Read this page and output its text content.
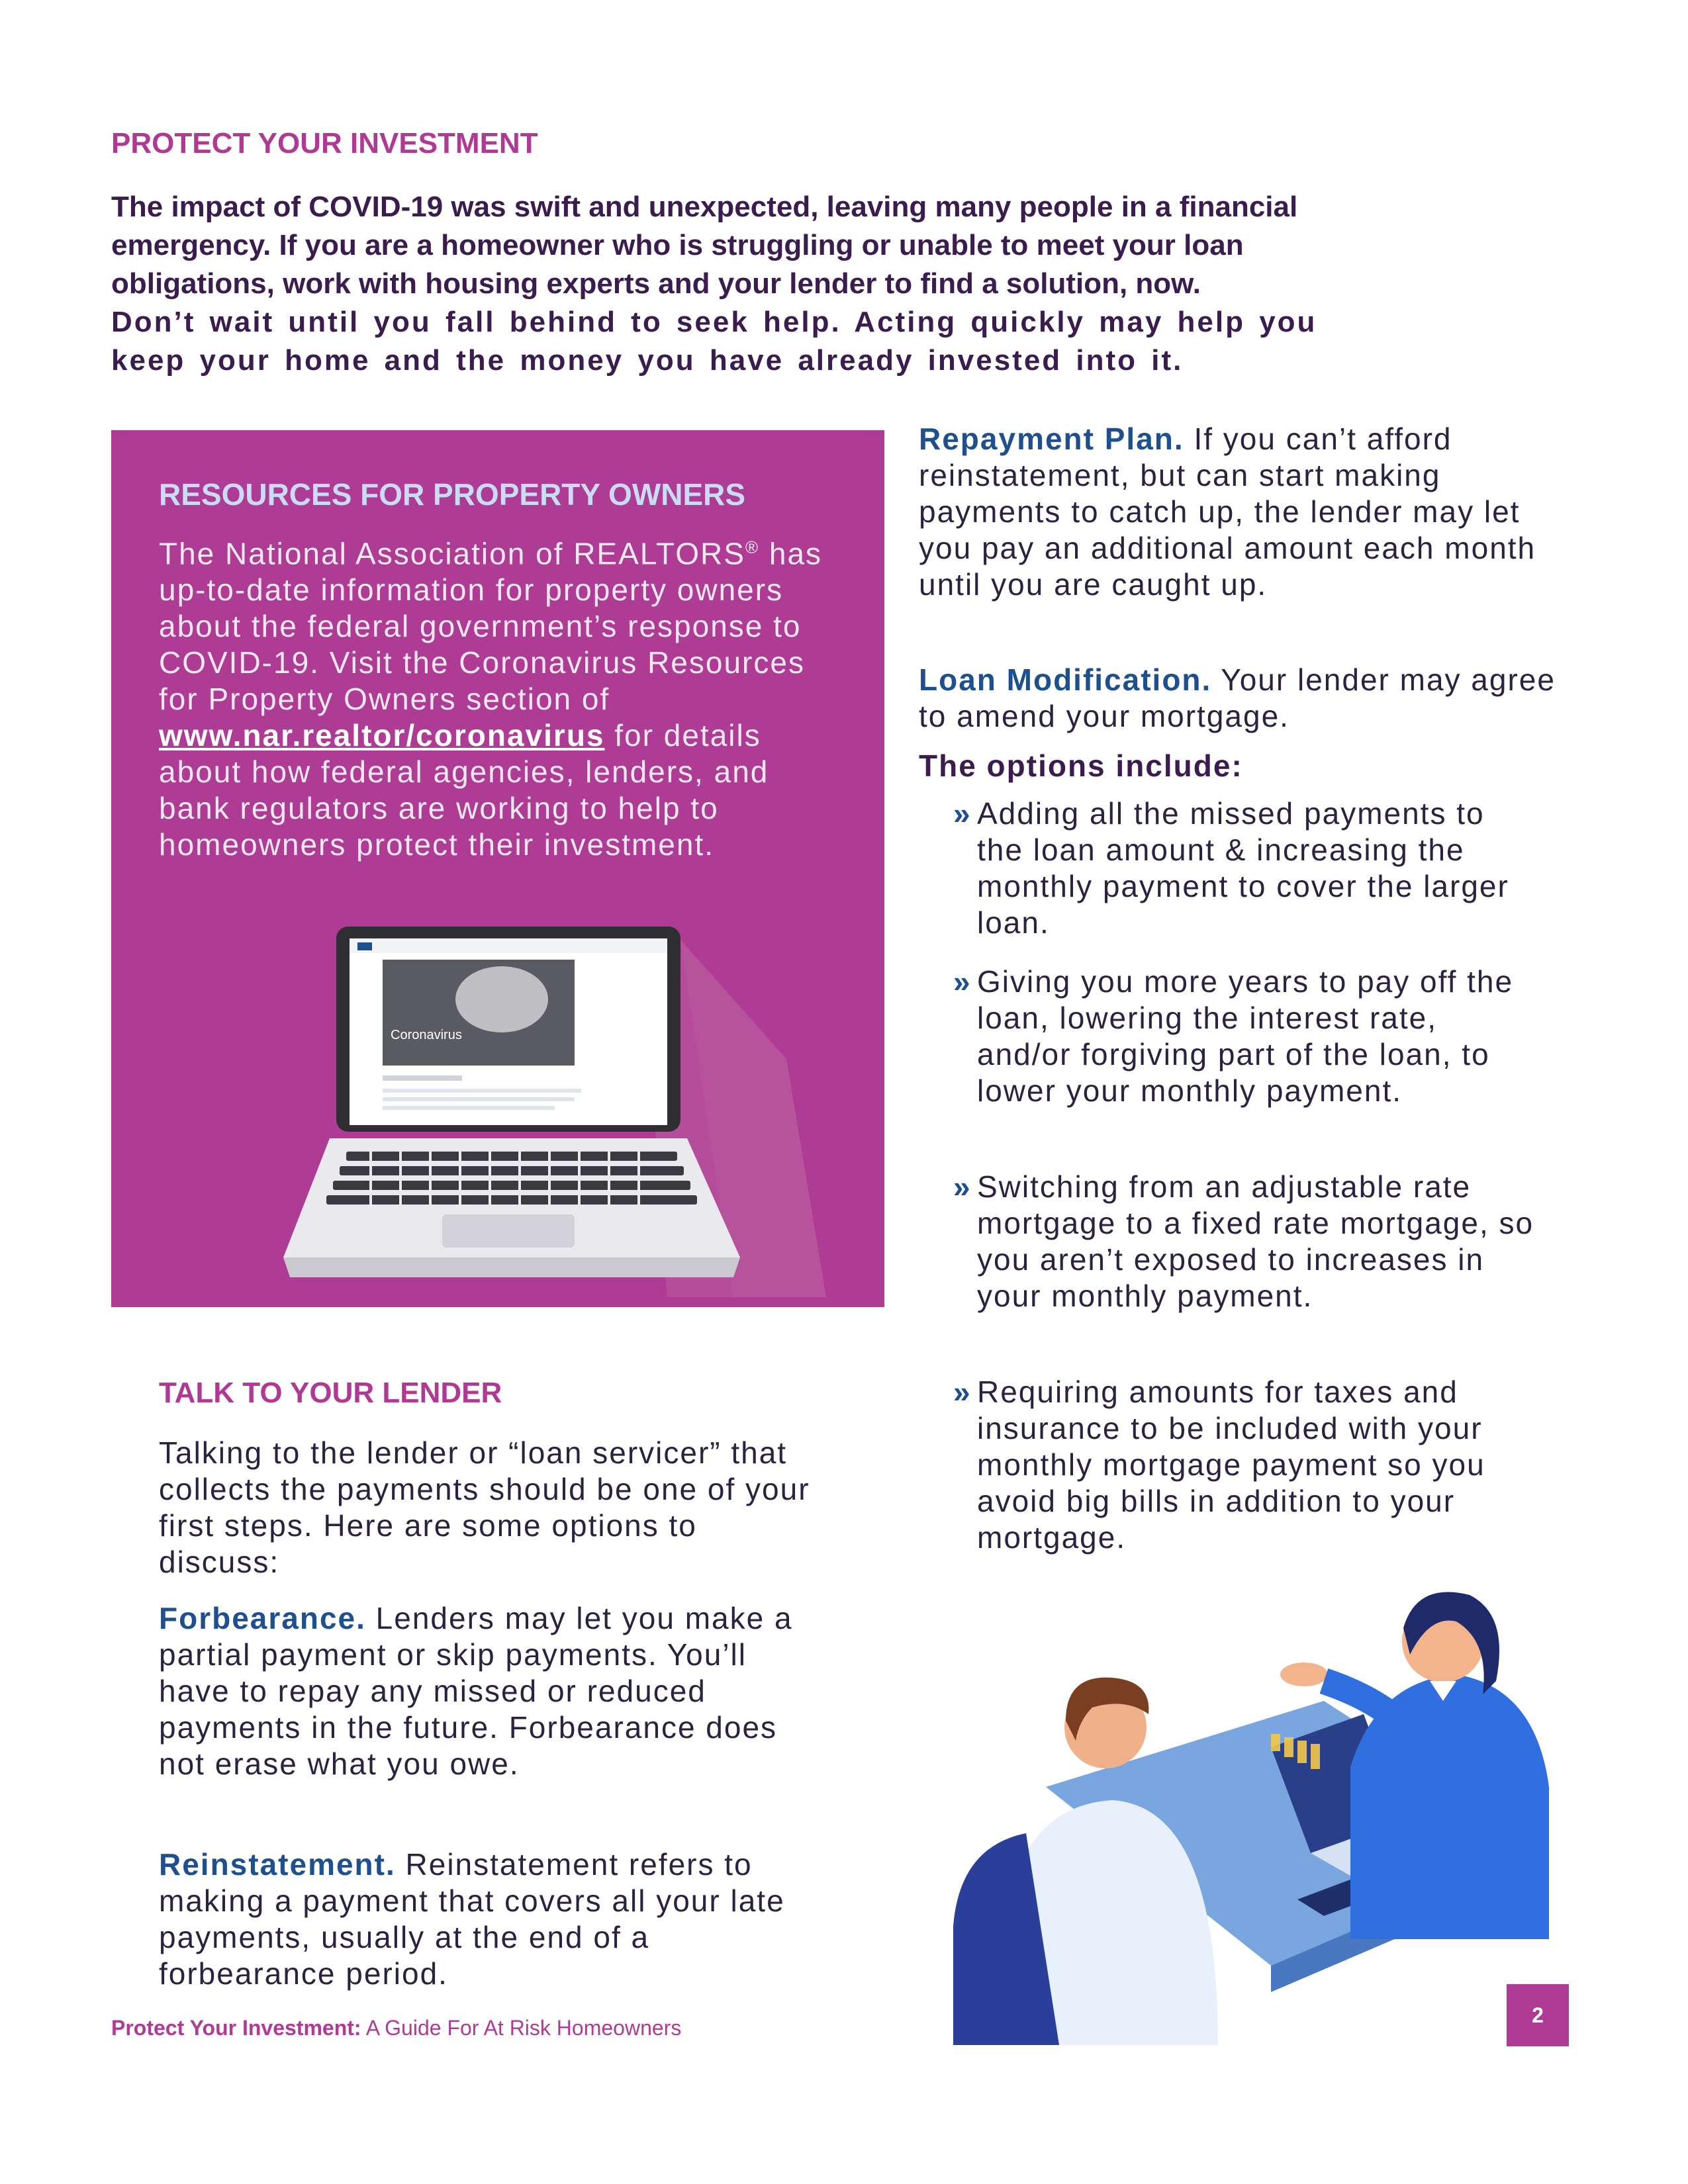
PROTECT YOUR INVESTMENT
The impact of COVID-19 was swift and unexpected, leaving many people in a financial
emergency. If you are a homeowner who is struggling or unable to meet your loan
obligations, work with housing experts and your lender to find a solution, now.
Don’t wait until you fall behind to seek help. Acting quickly may help you
keep your home and the money you have already invested into it.
RESOURCES FOR PROPERTY OWNERS
The National Association of REALTORS® has up-to-date information for property owners about the federal government’s response to COVID-19. Visit the Coronavirus Resources for Property Owners section of www.nar.realtor/coronavirus for details about how federal agencies, lenders, and bank regulators are working to help to homeowners protect their investment.
Coronavirus
TALK TO YOUR LENDER
Talking to the lender or “loan servicer” that collects the payments should be one of your first steps. Here are some options to discuss:
Forbearance. Lenders may let you make a partial payment or skip payments. You’ll have to repay any missed or reduced payments in the future. Forbearance does not erase what you owe.
Reinstatement. Reinstatement refers to making a payment that covers all your late payments, usually at the end of a forbearance period.
Repayment Plan. If you can’t afford reinstatement, but can start making payments to catch up, the lender may let you pay an additional amount each month until you are caught up.
Loan Modification. Your lender may agree to amend your mortgage.
The options include:
» Adding all the missed payments to the loan amount & increasing the monthly payment to cover the larger loan.
» Giving you more years to pay off the loan, lowering the interest rate, and/or forgiving part of the loan, to lower your monthly payment.
» Switching from an adjustable rate mortgage to a fixed rate mortgage, so you aren’t exposed to increases in your monthly payment.
» Requiring amounts for taxes and insurance to be included with your monthly mortgage payment so you avoid big bills in addition to your mortgage.
Protect Your Investment: A Guide For At Risk Homeowners
2
